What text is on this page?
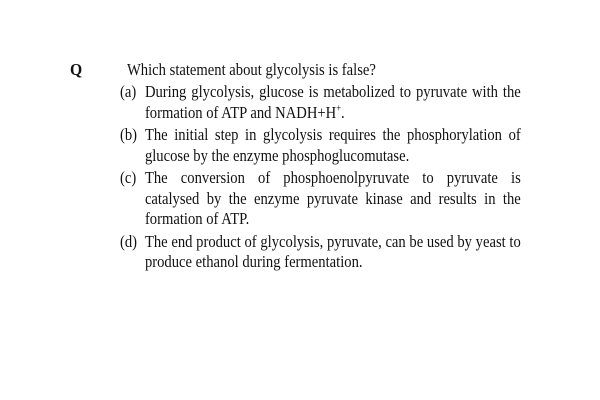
Q	Which statement about glycolysis is false?
(a) During glycolysis, glucose is metabolized to pyruvate with the formation of ATP and NADH+H+.
(b) The initial step in glycolysis requires the phosphorylation of glucose by the enzyme phosphoglucomutase.
(c) The conversion of phosphoenolpyruvate to pyruvate is catalysed by the enzyme pyruvate kinase and results in the formation of ATP.
(d) The end product of glycolysis, pyruvate, can be used by yeast to produce ethanol during fermentation.
